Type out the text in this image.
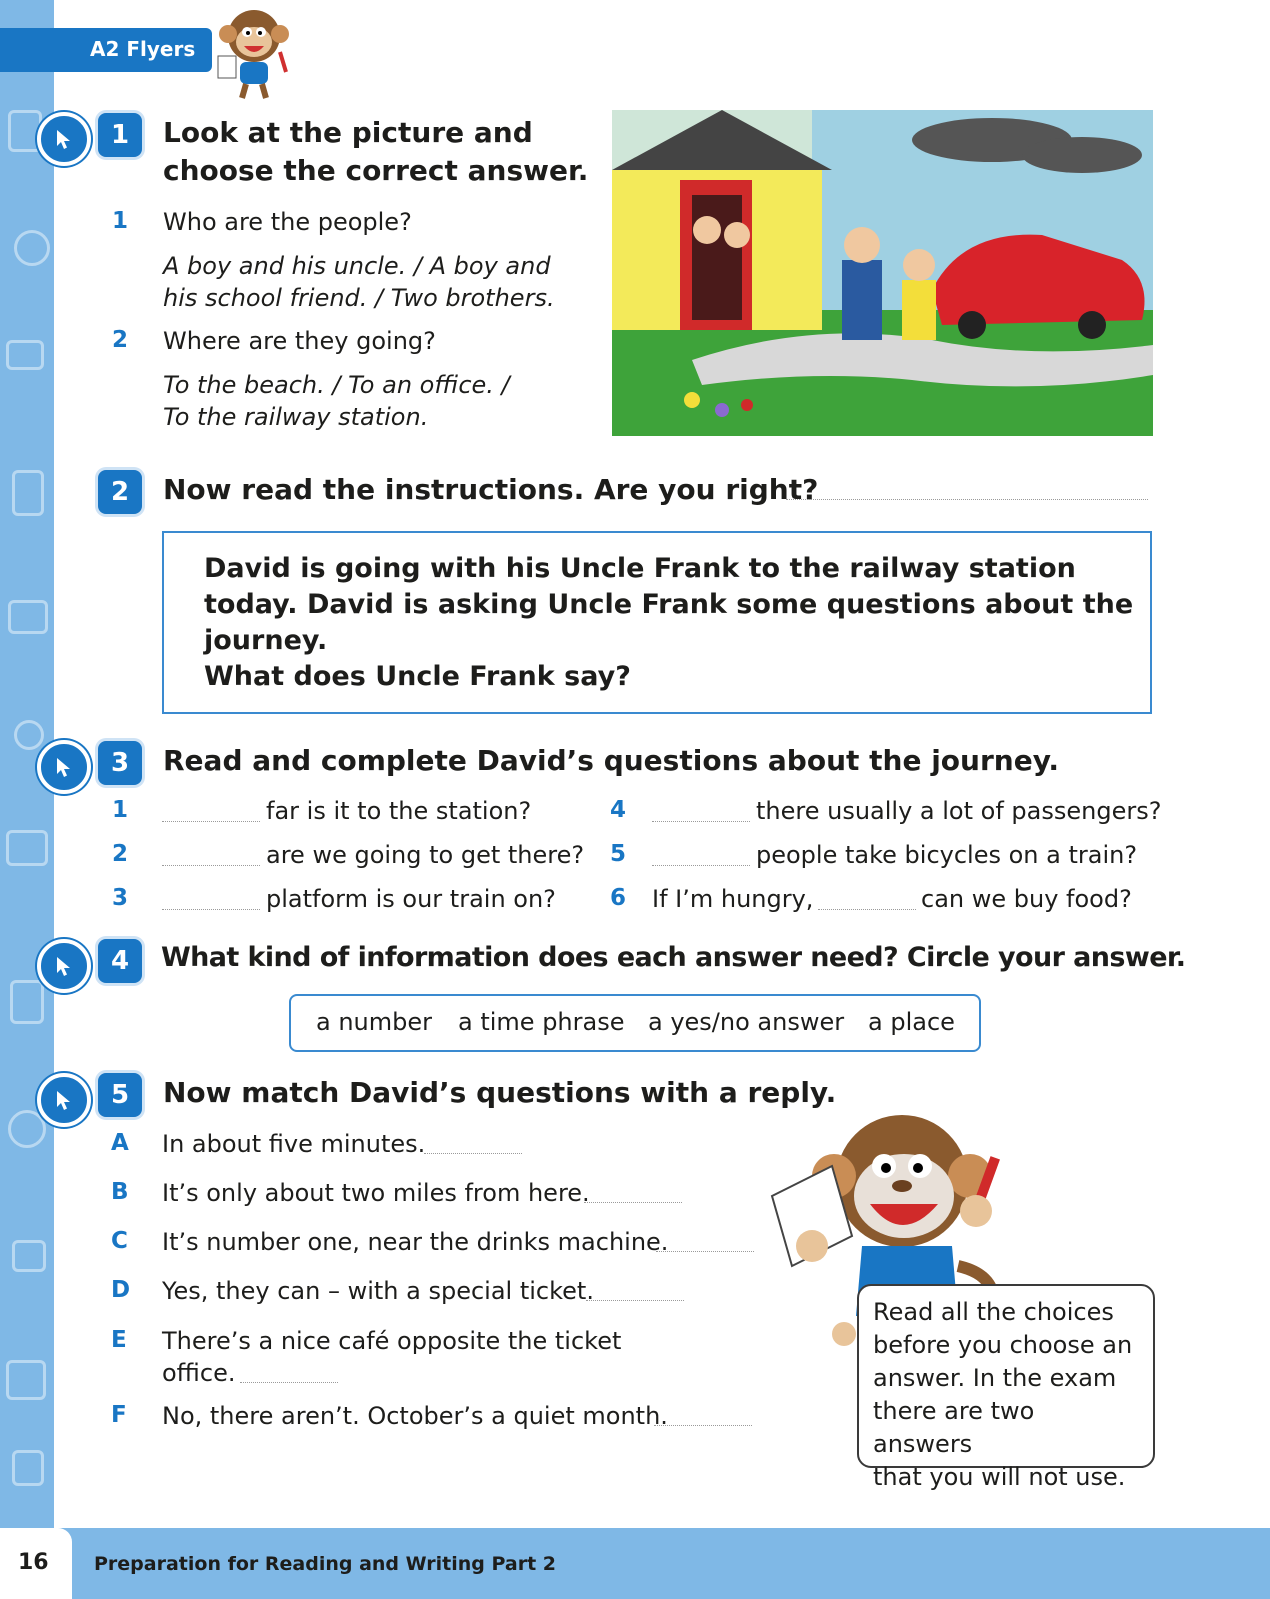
A2 Flyers
1	Look at the picture and
choose the correct answer.
1 Who are the people?
A boy and his uncle. / A boy and
his school friend. / Two brothers.
2 Where are they going?
To the beach. / To an office. /
To the railway station.
2	Now read the instructions. Are you right?
David is going with his Uncle Frank to the railway station
today. David is asking Uncle Frank some questions about the
journey.
What does Uncle Frank say?
3	Read and complete David’s questions about the journey.
1	far is it to the station?
2	are we going to get there?
3	platform is our train on?
4	there usually a lot of passengers?
5	people take bicycles on a train?
6 If I’m hungry,	can we buy food?
4	What kind of information does each answer need? Circle your answer.
a number a time phrase a yes/no answer a place
5	Now match David’s questions with a reply.
A In about five minutes.
B It’s only about two miles from here.
C It’s number one, near the drinks machine.
D Yes, they can – with a special ticket.
E There’s a nice café opposite the ticket
office.
F No, there aren’t. October’s a quiet month.
Read all the choices
before you choose an
answer. In the exam
there are two answers
that you will not use.
16 Preparation for Reading and Writing Part 2
